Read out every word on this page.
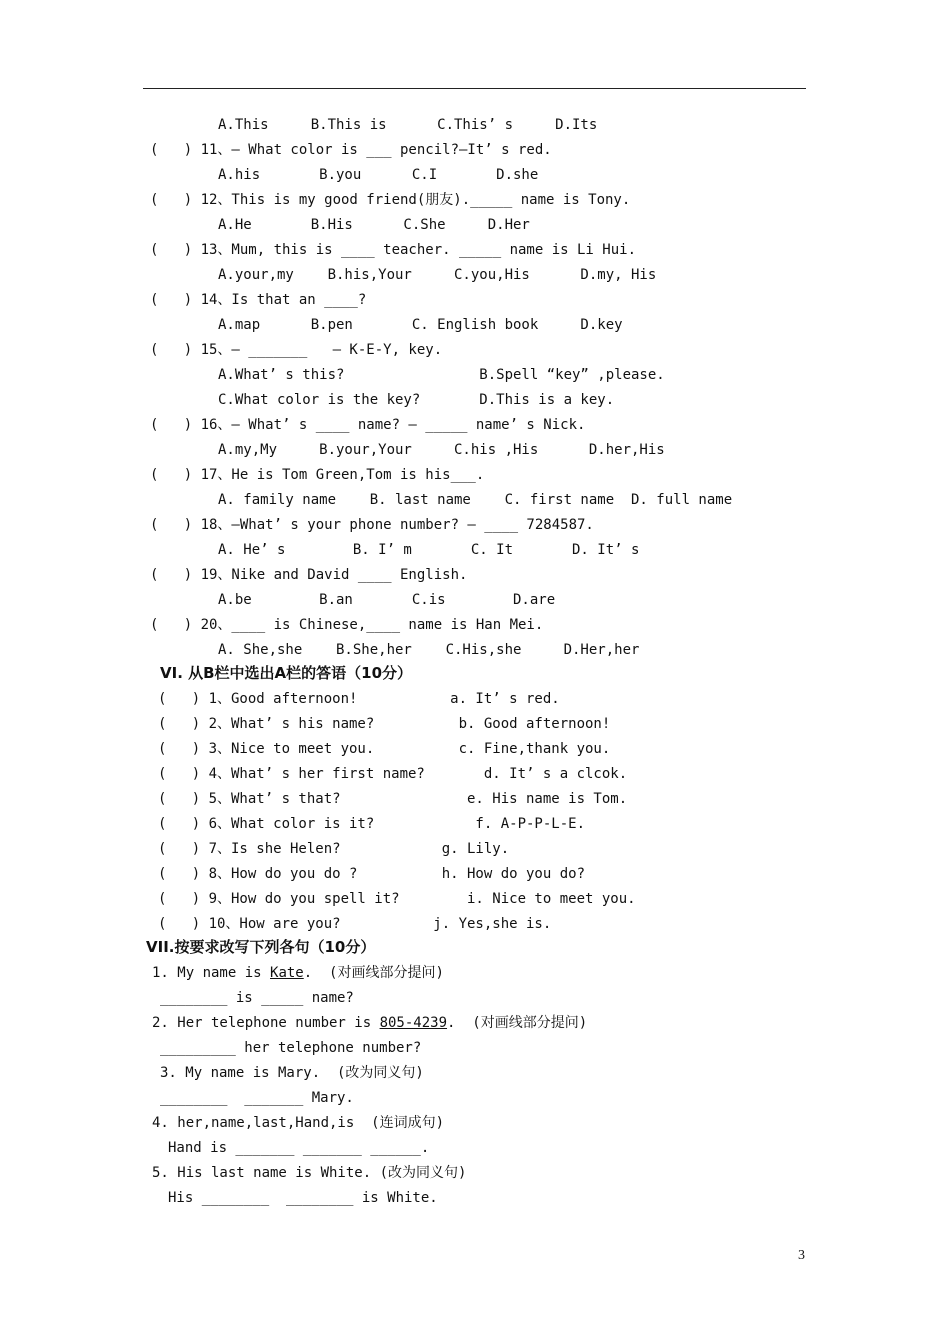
A.This     B.This is      C.This’ s     D.Its
(   ) 11、— What color is ___ pencil?—It’ s red.
A.his       B.you      C.I       D.she
(   ) 12、This is my good friend(朋友)._____ name is Tony.
A.He       B.His      C.She     D.Her
(   ) 13、Mum, this is ____ teacher. _____ name is Li Hui.
A.your,my    B.his,Your     C.you,His      D.my, His
(   ) 14、Is that an ____?
A.map      B.pen       C. English book     D.key
(   ) 15、— _______   — K-E-Y, key.
A.What’ s this?                B.Spell “key” ,please.
C.What color is the key?       D.This is a key.
(   ) 16、— What’ s ____ name? — _____ name’ s Nick.
A.my,My     B.your,Your     C.his ,His      D.her,His
(   ) 17、He is Tom Green,Tom is his___.
A. family name    B. last name    C. first name  D. full name
(   ) 18、—What’ s your phone number? — ____ 7284587.
A. He’ s        B. I’ m       C. It       D. It’ s
(   ) 19、Nike and David ____ English.
A.be        B.an       C.is        D.are
(   ) 20、____ is Chinese,____ name is Han Mei.
A. She,she    B.She,her    C.His,she     D.Her,her
(   ) 1、Good afternoon!           a. It’ s red.
(   ) 2、What’ s his name?          b. Good afternoon!
(   ) 3、Nice to meet you.          c. Fine,thank you.
(   ) 4、What’ s her first name?       d. It’ s a clcok.
(   ) 5、What’ s that?               e. His name is Tom.
(   ) 6、What color is it?            f. A-P-P-L-E.
(   ) 7、Is she Helen?            g. Lily.
(   ) 8、How do you do ?          h. How do you do?
(   ) 9、How do you spell it?        i. Nice to meet you.
(   ) 10、How are you?           j. Yes,she is.
________ is _____ name?
_________ her telephone number?
3. My name is Mary.  (改为同义句)
________  _______ Mary.
4. her,name,last,Hand,is  (连词成句)
Hand is _______ _______ ______.
5. His last name is White. (改为同义句)
His ________  ________ is White.
VI. 从B栏中选出A栏的答语（10分）
VII.按要求改写下列各句（10分）
1. My name is Kate.  (对画线部分提问)
2. Her telephone number is 805-4239.  (对画线部分提问)
3
